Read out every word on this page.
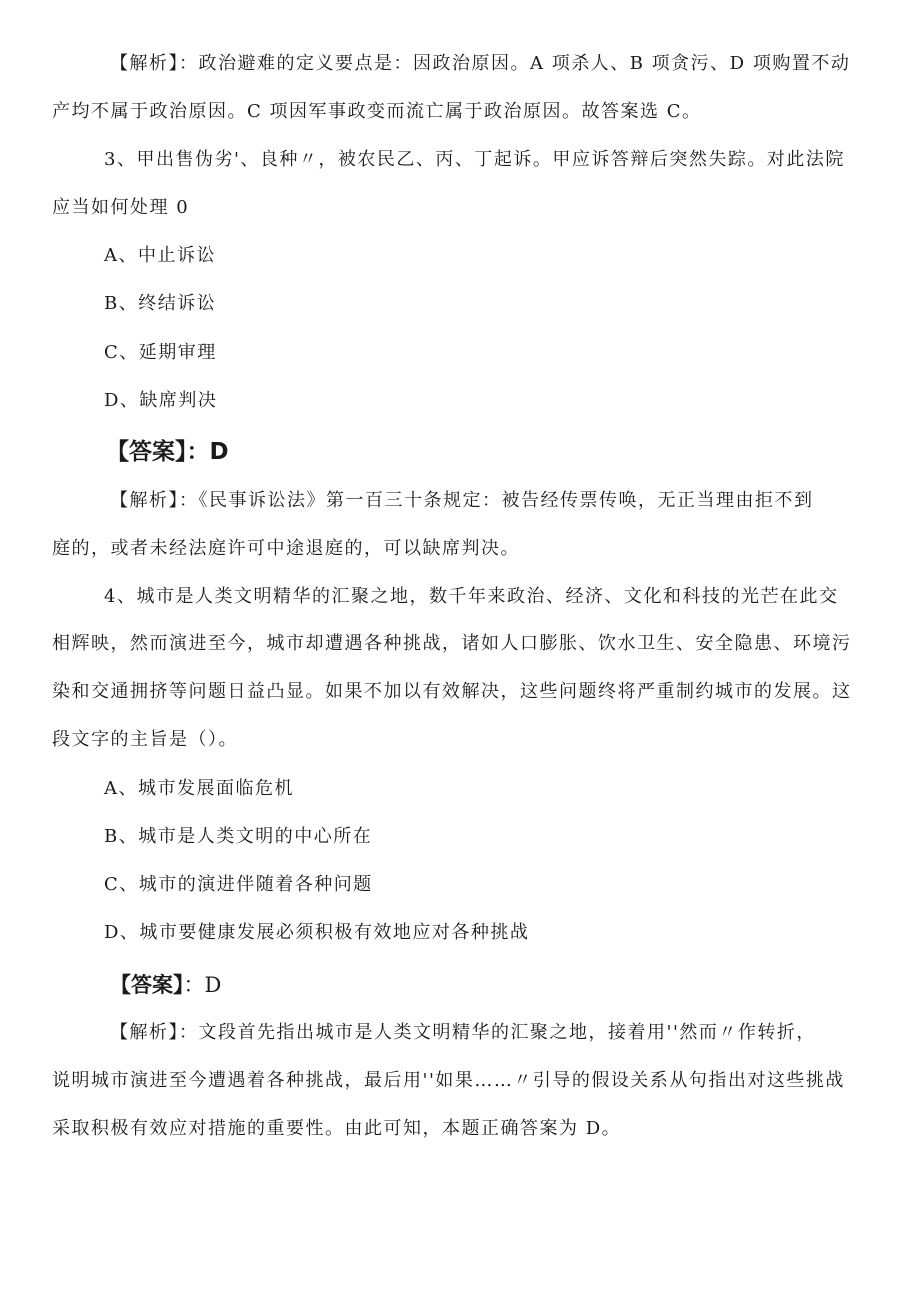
【解析】：政治避难的定义要点是：因政治原因。A 项杀人、B 项贪污、D 项购置不动
产均不属于政治原因。C 项因军事政变而流亡属于政治原因。故答案选 C。
3、甲出售伪劣'、良种〃，被农民乙、丙、丁起诉。甲应诉答辩后突然失踪。对此法院
应当如何处理 0
A、中止诉讼
B、终结诉讼
C、延期审理
D、缺席判决
【答案】：D
【解析】：《民事诉讼法》第一百三十条规定：被告经传票传唤，无正当理由拒不到
庭的，或者未经法庭许可中途退庭的，可以缺席判决。
4、城市是人类文明精华的汇聚之地，数千年来政治、经济、文化和科技的光芒在此交
相辉映，然而演进至今，城市却遭遇各种挑战，诸如人口膨胀、饮水卫生、安全隐患、环境污
染和交通拥挤等问题日益凸显。如果不加以有效解决，这些问题终将严重制约城市的发展。这
段文字的主旨是（）。
A、城市发展面临危机
B、城市是人类文明的中心所在
C、城市的演进伴随着各种问题
D、城市要健康发展必须积极有效地应对各种挑战
【答案】：D
【解析】：文段首先指出城市是人类文明精华的汇聚之地，接着用''然而〃作转折，
说明城市演进至今遭遇着各种挑战，最后用''如果……〃引导的假设关系从句指出对这些挑战
采取积极有效应对措施的重要性。由此可知，本题正确答案为 D。
